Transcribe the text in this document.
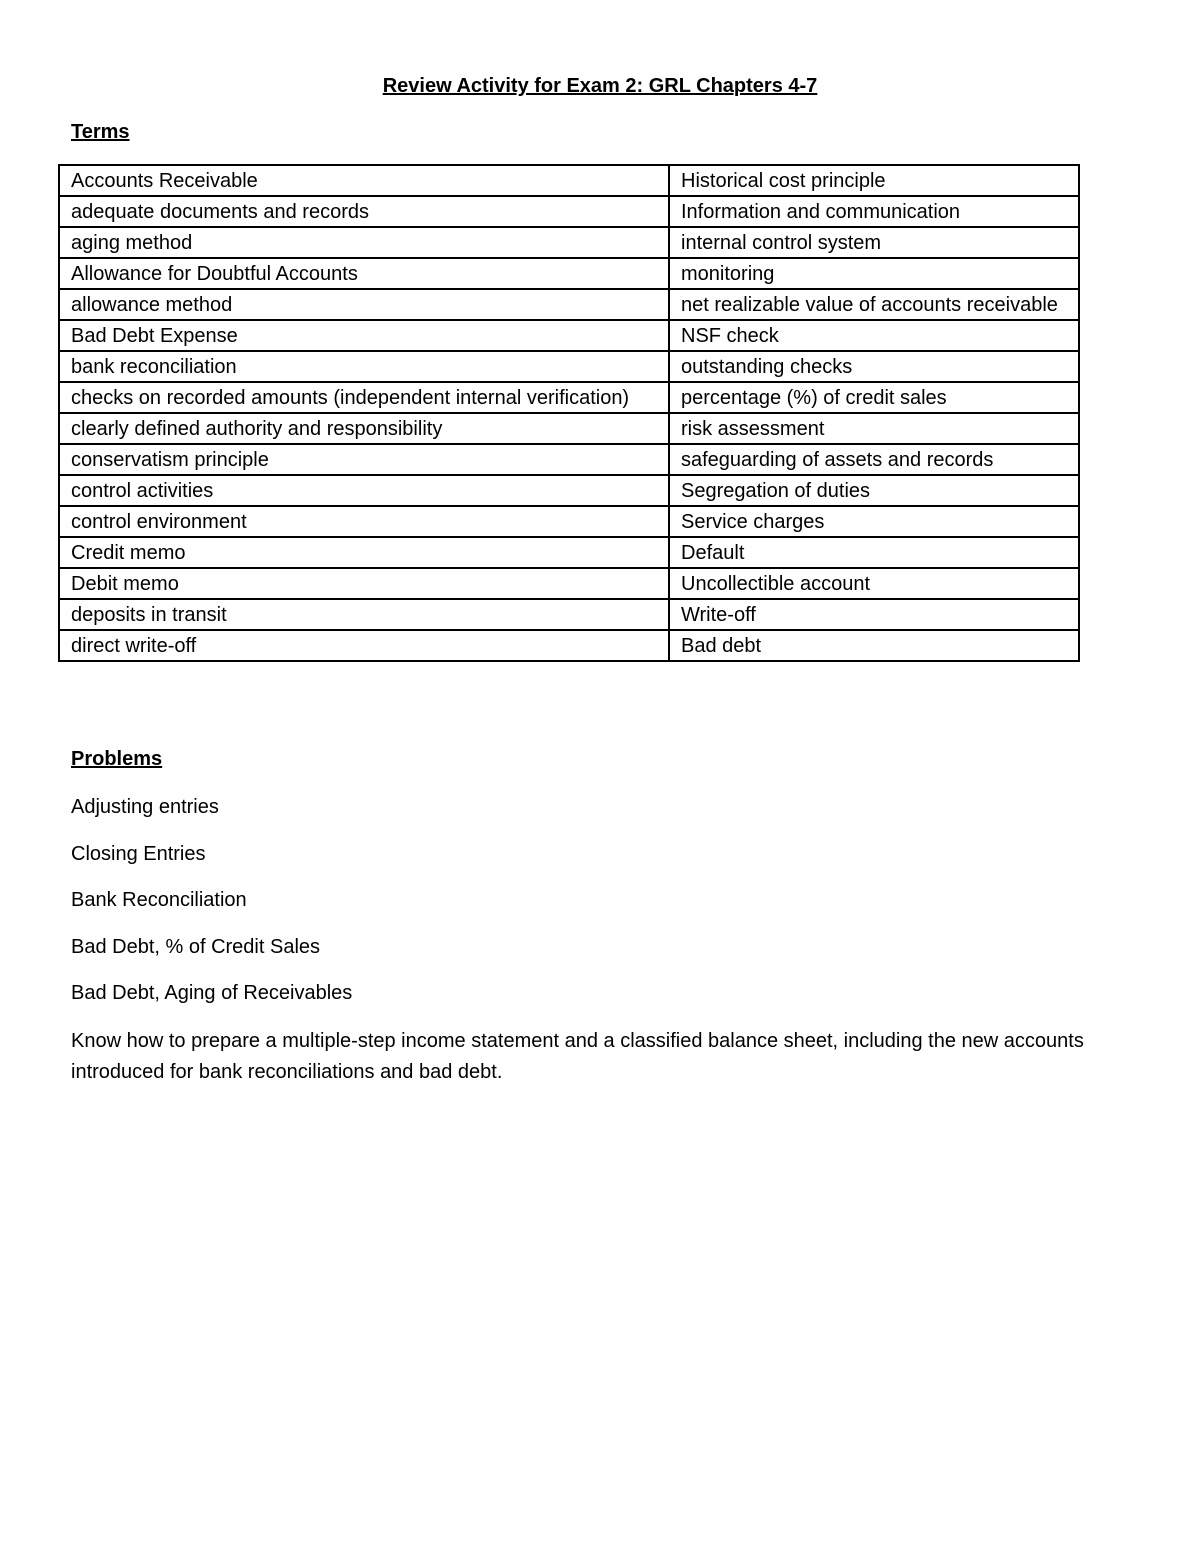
Review Activity for Exam 2: GRL Chapters 4-7
Terms
Accounts Receivable	Historical cost principle
adequate documents and records	Information and communication
aging method	internal control system
Allowance for Doubtful Accounts	monitoring
allowance method	net realizable value of accounts receivable
Bad Debt Expense	NSF check
bank reconciliation	outstanding checks
checks on recorded amounts (independent internal verification)	percentage (%) of credit sales
clearly defined authority and responsibility	risk assessment
conservatism principle	safeguarding of assets and records
control activities	Segregation of duties
control environment	Service charges
Credit memo	Default
Debit memo	Uncollectible account
deposits in transit	Write-off
direct write-off	Bad debt
Problems
Adjusting entries
Closing Entries
Bank Reconciliation
Bad Debt, % of Credit Sales
Bad Debt, Aging of Receivables

Know how to prepare a multiple-step income statement and a classified balance sheet, including the new accounts introduced for bank reconciliations and bad debt.
